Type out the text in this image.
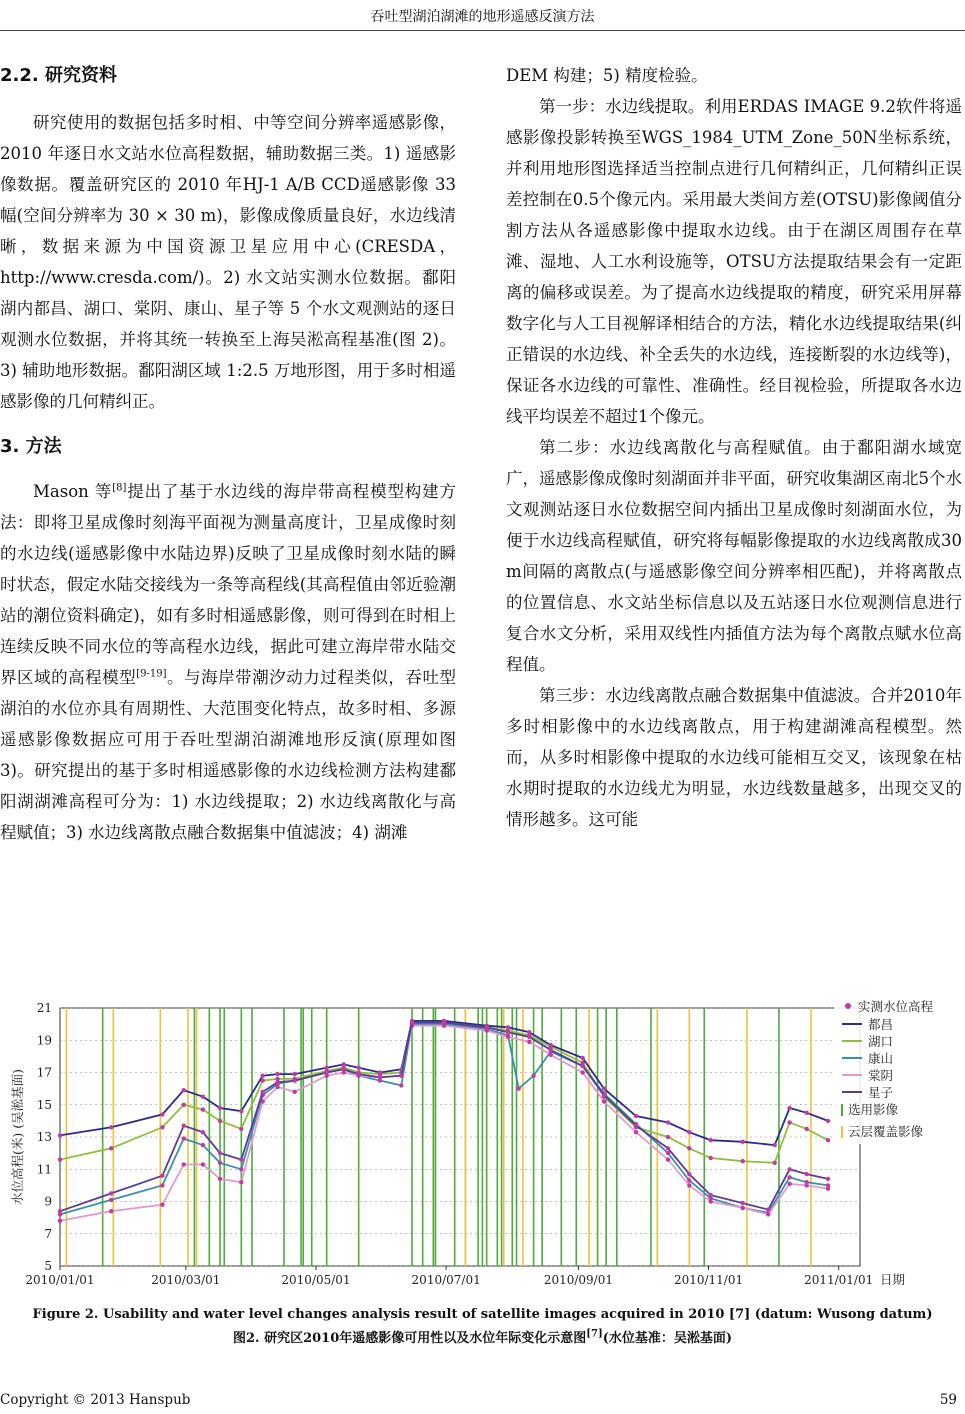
吞吐型湖泊湖滩的地形遥感反演方法
2.2. 研究资料

研究使用的数据包括多时相、中等空间分辨率遥感影像，2010 年逐日水文站水位高程数据，辅助数据三类。1) 遥感影像数据。覆盖研究区的 2010 年HJ-1 A/B CCD遥感影像 33 幅(空间分辨率为 30 × 30 m)，影像成像质量良好，水边线清晰，数据来源为中国资源卫星应用中心(CRESDA，http://www.cresda.com/)。2) 水文站实测水位数据。鄱阳湖内都昌、湖口、棠阴、康山、星子等 5 个水文观测站的逐日观测水位数据，并将其统一转换至上海吴淞高程基准(图 2)。3) 辅助地形数据。鄱阳湖区域 1:2.5 万地形图，用于多时相遥感影像的几何精纠正。

3. 方法

Mason 等[8]提出了基于水边线的海岸带高程模型构建方法：即将卫星成像时刻海平面视为测量高度计，卫星成像时刻的水边线(遥感影像中水陆边界)反映了卫星成像时刻水陆的瞬时状态，假定水陆交接线为一条等高程线(其高程值由邻近验潮站的潮位资料确定)，如有多时相遥感影像，则可得到在时相上连续反映不同水位的等高程水边线，据此可建立海岸带水陆交界区域的高程模型[9-19]。与海岸带潮汐动力过程类似，吞吐型湖泊的水位亦具有周期性、大范围变化特点，故多时相、多源遥感影像数据应可用于吞吐型湖泊湖滩地形反演(原理如图 3)。研究提出的基于多时相遥感影像的水边线检测方法构建鄱阳湖湖滩高程可分为：1) 水边线提取；2) 水边线离散化与高程赋值；3) 水边线离散点融合数据集中值滤波；4) 湖滩

DEM 构建；5) 精度检验。

第一步：水边线提取。利用ERDAS IMAGE 9.2软件将遥感影像投影转换至WGS_1984_UTM_Zone_50N坐标系统，并利用地形图选择适当控制点进行几何精纠正，几何精纠正误差控制在0.5个像元内。采用最大类间方差(OTSU)影像阈值分割方法从各遥感影像中提取水边线。由于在湖区周围存在草滩、湿地、人工水利设施等，OTSU方法提取结果会有一定距离的偏移或误差。为了提高水边线提取的精度，研究采用屏幕数字化与人工目视解译相结合的方法，精化水边线提取结果(纠正错误的水边线、补全丢失的水边线，连接断裂的水边线等)，保证各水边线的可靠性、准确性。经目视检验，所提取各水边线平均误差不超过1个像元。

第二步：水边线离散化与高程赋值。由于鄱阳湖水域宽广，遥感影像成像时刻湖面并非平面，研究收集湖区南北5个水文观测站逐日水位数据空间内插出卫星成像时刻湖面水位，为便于水边线高程赋值，研究将每幅影像提取的水边线离散成30 m间隔的离散点(与遥感影像空间分辨率相匹配)，并将离散点的位置信息、水文站坐标信息以及五站逐日水位观测信息进行复合水文分析，采用双线性内插值方法为每个离散点赋水位高程值。

第三步：水边线离散点融合数据集中值滤波。合并2010年多时相影像中的水边线离散点，用于构建湖滩高程模型。然而，从多时相影像中提取的水边线可能相互交叉，该现象在枯水期时提取的水边线尤为明显，水边线数量越多，出现交叉的情形越多。这可能

5
7
9
11
13
15
17
19
21
2010/01/01	2010/03/01	2010/05/01	2010/07/01	2010/09/01	2010/11/01	2011/01/01 日期
水位高程(米) (吴淞基面)
实测水位高程
都昌
湖口
康山
棠阴
星子
选用影像
云层覆盖影像
Figure 2. Usability and water level changes analysis result of satellite images acquired in 2010 [7] (datum: Wusong datum)
图2. 研究区2010年遥感影像可用性以及水位年际变化示意图[7](水位基准：吴淞基面)
Copyright © 2013 Hanspub	59
